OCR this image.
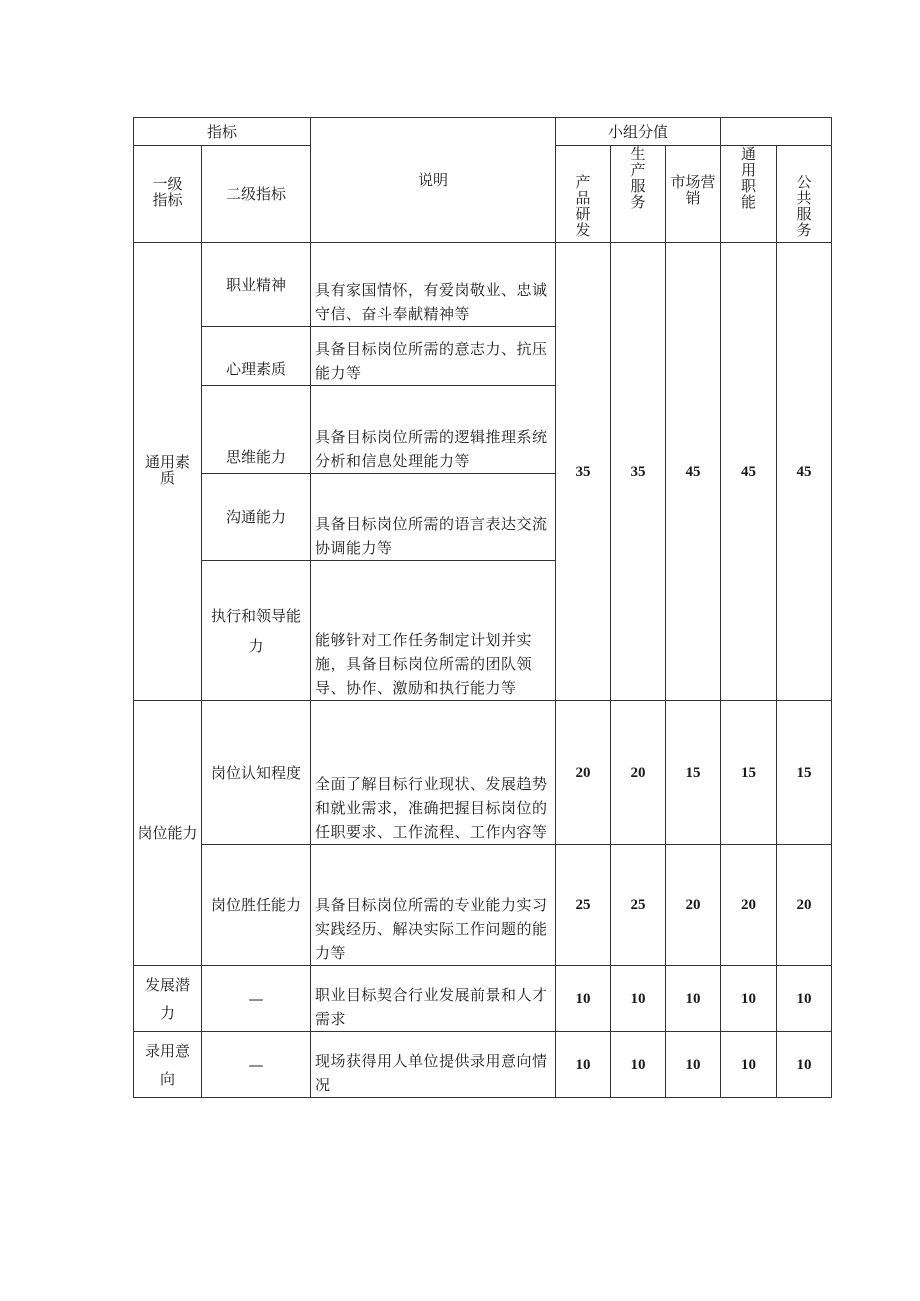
指标		说明	小组分值				
一级指标	二级指标		产品研发	生产服务	市场营销	通用职能	公共服务
通用素质	职业精神	具有家国情怀，有爱岗敬业、忠诚守信、奋斗奉献精神等	35	35	45	45	45
	心理素质	具备目标岗位所需的意志力、抗压能力等					
	思维能力	具备目标岗位所需的逻辑推理系统分析和信息处理能力等					
	沟通能力	具备目标岗位所需的语言表达交流协调能力等					
	执行和领导能力	能够针对工作任务制定计划并实施，具备目标岗位所需的团队领导、协作、激励和执行能力等					
岗位能力	岗位认知程度	全面了解目标行业现状、发展趋势和就业需求，准确把握目标岗位的任职要求、工作流程、工作内容等	20	20	15	15	15
	岗位胜任能力	具备目标岗位所需的专业能力实习实践经历、解决实际工作问题的能力等	25	25	20	20	20
发展潜力	—	职业目标契合行业发展前景和人才需求	10	10	10	10	10
录用意向	—	现场获得用人单位提供录用意向情况	10	10	10	10	10
